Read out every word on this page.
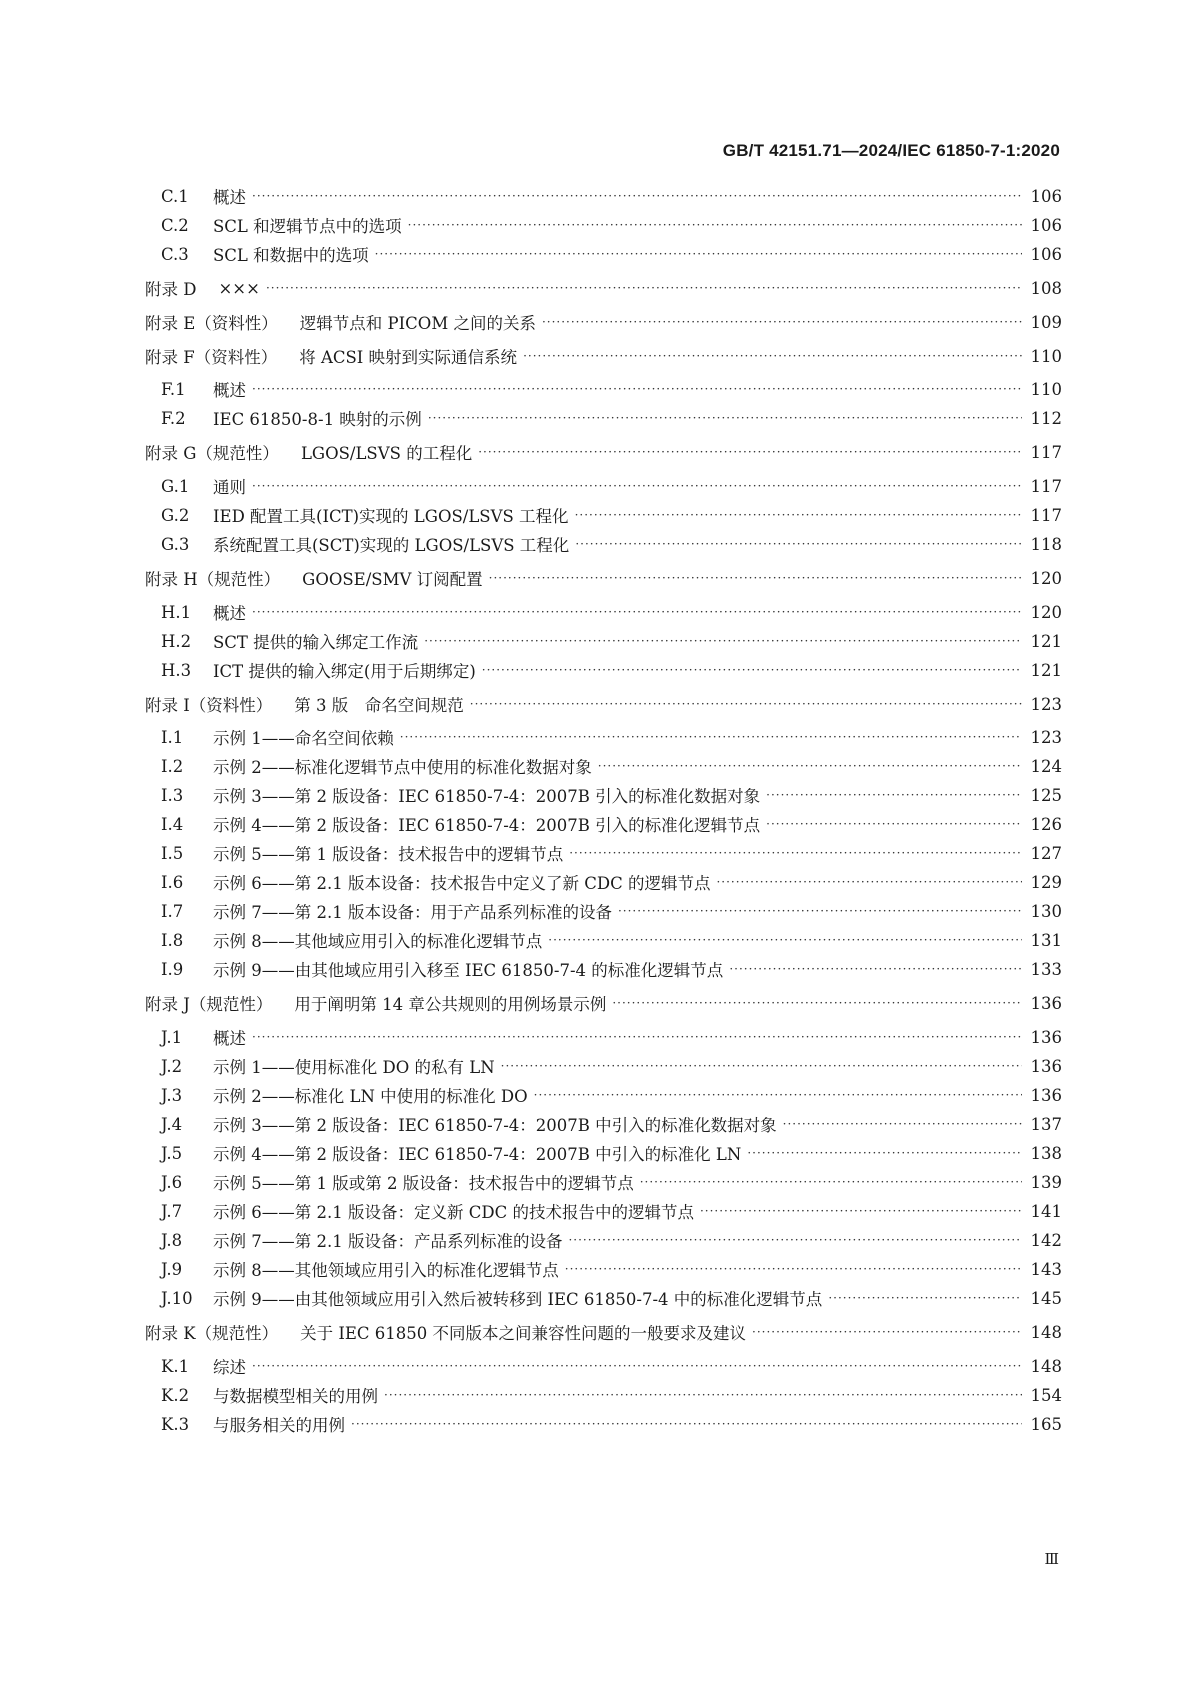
GB/T 42151.71—2024/IEC 61850-7-1:2020
C.1	概述 ·····	106
C.2	SCL 和逻辑节点中的选项 ·····	106
C.3	SCL 和数据中的选项 ·····	106
附录 D ××× ·····	108
附录 E（资料性） 逻辑节点和 PICOM 之间的关系 ·····	109
附录 F（资料性） 将 ACSI 映射到实际通信系统 ·····	110
F.1	概述 ·····	110
F.2	IEC 61850-8-1 映射的示例 ·····	112
附录 G（规范性） LGOS/LSVS 的工程化 ·····	117
G.1	通则 ·····	117
G.2	IED 配置工具(ICT)实现的 LGOS/LSVS 工程化 ·····	117
G.3	系统配置工具(SCT)实现的 LGOS/LSVS 工程化 ·····	118
附录 H（规范性） GOOSE/SMV 订阅配置 ·····	120
H.1	概述 ·····	120
H.2	SCT 提供的输入绑定工作流 ·····	121
H.3	ICT 提供的输入绑定(用于后期绑定) ·····	121
附录 I（资料性） 第 3 版　命名空间规范 ·····	123
I.1	示例 1——命名空间依赖 ·····	123
I.2	示例 2——标准化逻辑节点中使用的标准化数据对象 ·····	124
I.3	示例 3——第 2 版设备：IEC 61850-7-4：2007B 引入的标准化数据对象 ·····	125
I.4	示例 4——第 2 版设备：IEC 61850-7-4：2007B 引入的标准化逻辑节点 ·····	126
I.5	示例 5——第 1 版设备：技术报告中的逻辑节点 ·····	127
I.6	示例 6——第 2.1 版本设备：技术报告中定义了新 CDC 的逻辑节点 ·····	129
I.7	示例 7——第 2.1 版本设备：用于产品系列标准的设备 ·····	130
I.8	示例 8——其他域应用引入的标准化逻辑节点 ·····	131
I.9	示例 9——由其他域应用引入移至 IEC 61850-7-4 的标准化逻辑节点 ·····	133
附录 J（规范性） 用于阐明第 14 章公共规则的用例场景示例 ·····	136
J.1	概述 ·····	136
J.2	示例 1——使用标准化 DO 的私有 LN ·····	136
J.3	示例 2——标准化 LN 中使用的标准化 DO ·····	136
J.4	示例 3——第 2 版设备：IEC 61850-7-4：2007B 中引入的标准化数据对象 ·····	137
J.5	示例 4——第 2 版设备：IEC 61850-7-4：2007B 中引入的标准化 LN ·····	138
J.6	示例 5——第 1 版或第 2 版设备：技术报告中的逻辑节点 ·····	139
J.7	示例 6——第 2.1 版设备：定义新 CDC 的技术报告中的逻辑节点 ·····	141
J.8	示例 7——第 2.1 版设备：产品系列标准的设备 ·····	142
J.9	示例 8——其他领域应用引入的标准化逻辑节点 ·····	143
J.10	示例 9——由其他领域应用引入然后被转移到 IEC 61850-7-4 中的标准化逻辑节点 ·····	145
附录 K（规范性） 关于 IEC 61850 不同版本之间兼容性问题的一般要求及建议 ·····	148
K.1	综述 ·····	148
K.2	与数据模型相关的用例 ·····	154
K.3	与服务相关的用例 ·····	165
Ⅲ
